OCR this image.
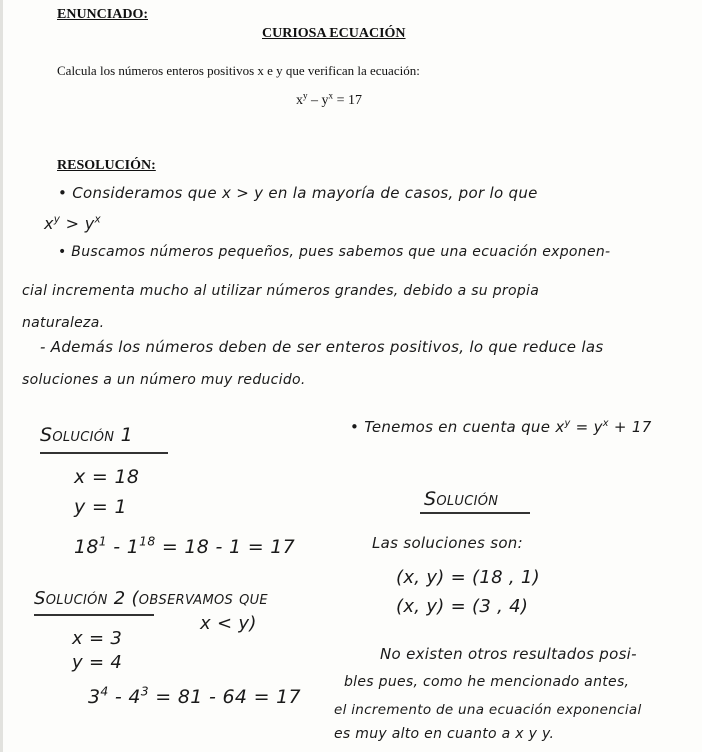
ENUNCIADO:
CURIOSA ECUACIÓN
Calcula los números enteros positivos x e y que verifican la ecuación:
$x^y - y^x = 17$
RESOLUCIÓN:
• Consideramos que x > y en la mayoría de casos, por lo que
$x^y > y^x$
• Buscamos números pequeños, pues sabemos que una ecuación exponen-
cial incrementa mucho al utilizar números grandes, debido a su propia
naturaleza.
- Además los números deben de ser enteros positivos, lo que reduce las
soluciones a un número muy reducido.
Solución 1
x = 18
y = 1
$18^1 - 1^{18} = 18 - 1 = 17$
Solución 2 (observamos que
x < y)
x = 3
y = 4
$3^4 - 4^3 = 81 - 64 = 17$
• Tenemos en cuenta que $x^y = y^x + 17$
Solución
Las soluciones son:
(x, y) = (18 , 1)
(x, y) = (3 , 4)
No existen otros resultados posi-
bles pues, como he mencionado antes,
el incremento de una ecuación exponencial
es muy alto en cuanto a x y y.
